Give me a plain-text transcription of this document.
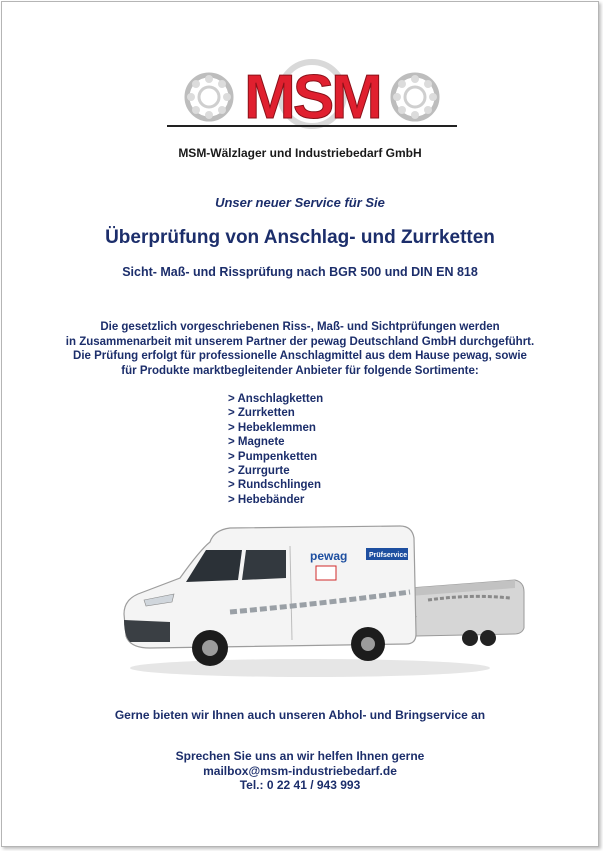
MSM
MSM-Wälzlager und Industriebedarf GmbH
Unser neuer Service für Sie
Überprüfung von Anschlag- und Zurrketten
Sicht- Maß- und Rissprüfung nach BGR 500 und DIN EN 818
Die gesetzlich vorgeschriebenen Riss-, Maß- und Sichtprüfungen werden
in Zusammenarbeit mit unserem Partner der pewag Deutschland GmbH durchgeführt.
Die Prüfung erfolgt für professionelle Anschlagmittel aus dem Hause pewag, sowie
für Produkte marktbegleitender Anbieter für folgende Sortimente:
> Anschlagketten
> Zurrketten
> Hebeklemmen
> Magnete
> Pumpenketten
> Zurrgurte
> Rundschlingen
> Hebebänder
pewag	Prüfservice
Gerne bieten wir Ihnen auch unseren Abhol- und Bringservice an
Sprechen Sie uns an wir helfen Ihnen gerne
mailbox@msm-industriebedarf.de
Tel.: 0 22 41 / 943 993
